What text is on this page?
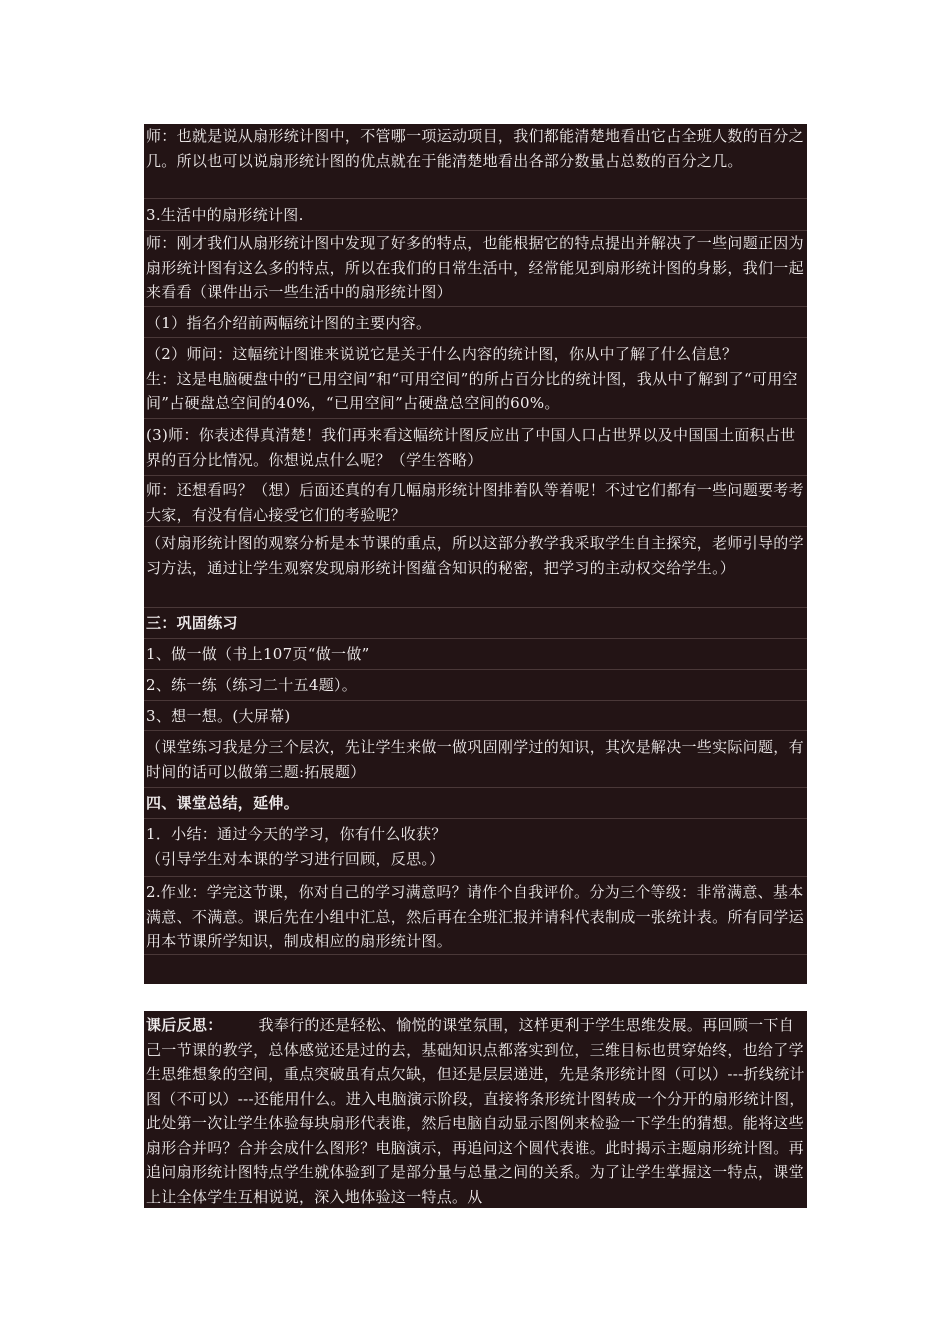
师：也就是说从扇形统计图中，不管哪一项运动项目，我们都能清楚地看出它占全班人数的百分之几。所以也可以说扇形统计图的优点就在于能清楚地看出各部分数量占总数的百分之几。
3.生活中的扇形统计图.
师：刚才我们从扇形统计图中发现了好多的特点，也能根据它的特点提出并解决了一些问题正因为扇形统计图有这么多的特点，所以在我们的日常生活中，经常能见到扇形统计图的身影，我们一起来看看（课件出示一些生活中的扇形统计图）
（1）指名介绍前两幅统计图的主要内容。
（2）师问：这幅统计图谁来说说它是关于什么内容的统计图，你从中了解了什么信息？
生：这是电脑硬盘中的“已用空间”和“可用空间”的所占百分比的统计图，我从中了解到了“可用空间”占硬盘总空间的40%，“已用空间”占硬盘总空间的60%。
(3)师：你表述得真清楚！我们再来看这幅统计图反应出了中国人口占世界以及中国国土面积占世界的百分比情况。你想说点什么呢？（学生答略）
师：还想看吗？（想）后面还真的有几幅扇形统计图排着队等着呢！不过它们都有一些问题要考考大家，有没有信心接受它们的考验呢？
（对扇形统计图的观察分析是本节课的重点，所以这部分教学我采取学生自主探究，老师引导的学习方法，通过让学生观察发现扇形统计图蕴含知识的秘密，把学习的主动权交给学生。）
三：巩固练习
1、做一做（书上107页“做一做”
2、练一练（练习二十五4题）。
3、想一想。(大屏幕)
（课堂练习我是分三个层次，先让学生来做一做巩固刚学过的知识，其次是解决一些实际问题，有时间的话可以做第三题:拓展题）
四、课堂总结，延伸。
1．小结：通过今天的学习，你有什么收获？
（引导学生对本课的学习进行回顾，反思。）
2.作业：学完这节课，你对自己的学习满意吗？请作个自我评价。分为三个等级：非常满意、基本满意、不满意。课后先在小组中汇总，然后再在全班汇报并请科代表制成一张统计表。所有同学运用本节课所学知识，制成相应的扇形统计图。
课后反思： 我奉行的还是轻松、愉悦的课堂氛围，这样更利于学生思维发展。再回顾一下自己一节课的教学，总体感觉还是过的去，基础知识点都落实到位，三维目标也贯穿始终，也给了学生思维想象的空间，重点突破虽有点欠缺，但还是层层递进，先是条形统计图（可以）---折线统计图（不可以）---还能用什么。进入电脑演示阶段，直接将条形统计图转成一个分开的扇形统计图，此处第一次让学生体验每块扇形代表谁，然后电脑自动显示图例来检验一下学生的猜想。能将这些扇形合并吗？合并会成什么图形？电脑演示，再追问这个圆代表谁。此时揭示主题扇形统计图。再追问扇形统计图特点学生就体验到了是部分量与总量之间的关系。为了让学生掌握这一特点，课堂上让全体学生互相说说，深入地体验这一特点。从
